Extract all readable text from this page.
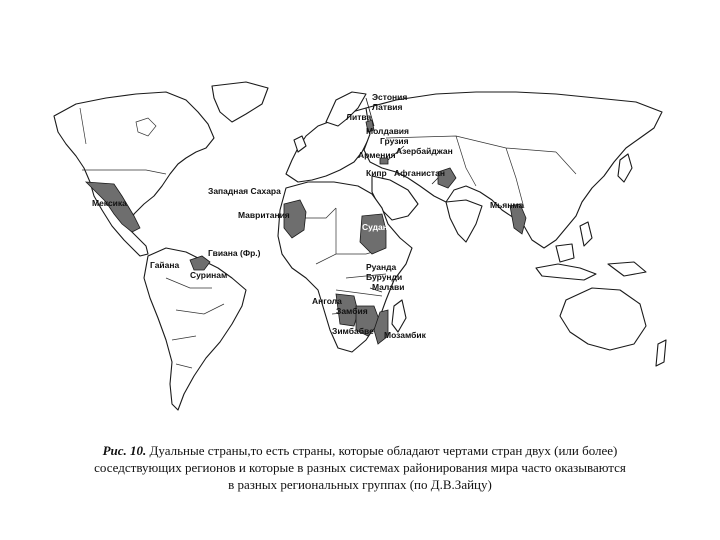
Эстония
Латвия
Литва
Молдавия
Грузия
Азербайджан
Армения
Кипр Афганистан
Западная Сахара
Мексика
Мавритания
Судан
Мьянма
Гвиана (Фр.)
Гайана
Суринам
Руанда
Бурунди
Малави
Ангола
Замбия
Зимбабве Мозамбик
Рис. 10. Дуальные страны,то есть страны, которые обладают чертами стран двух (или более)
соседствующих регионов и которые в разных системах районирования мира часто оказываются
в разных региональных группах (по Д.В.Зайцу)
